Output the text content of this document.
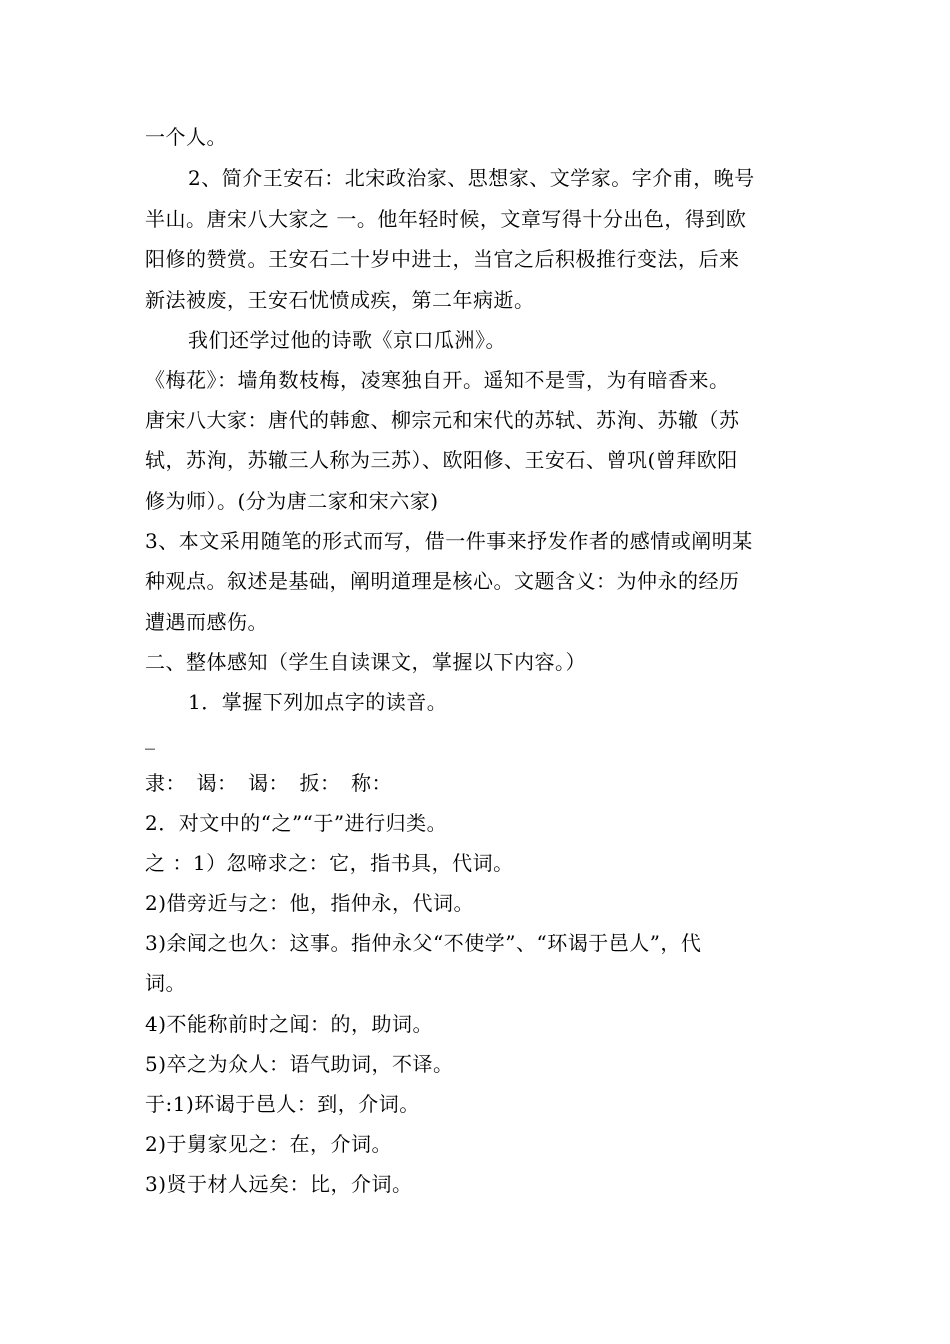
一个人。
2、简介王安石：北宋政治家、思想家、文学家。字介甫，晚号
半山。唐宋八大家之 一。他年轻时候，文章写得十分出色，得到欧
阳修的赞赏。王安石二十岁中进士，当官之后积极推行变法，后来
新法被废，王安石忧愤成疾，第二年病逝。
我们还学过他的诗歌《京口瓜洲》。
《梅花》：墙角数枝梅，凌寒独自开。遥知不是雪，为有暗香来。
唐宋八大家：唐代的韩愈、柳宗元和宋代的苏轼、苏洵、苏辙（苏
轼，苏洵，苏辙三人称为三苏）、欧阳修、王安石、曾巩(曾拜欧阳
修为师）。(分为唐二家和宋六家)
3、本文采用随笔的形式而写，借一件事来抒发作者的感情或阐明某
种观点。叙述是基础，阐明道理是核心。文题含义：为仲永的经历
遭遇而感伤。
二、整体感知（学生自读课文，掌握以下内容。）
1．掌握下列加点字的读音。
_
隶：　谒：　谒：　扳：　称：
2．对文中的“之”“于”进行归类。
之 ：1）忽啼求之：它，指书具，代词。
2)借旁近与之：他，指仲永，代词。
3)余闻之也久：这事。指仲永父“不使学”、“环谒于邑人”，代
词。
4)不能称前时之闻：的，助词。
5)卒之为众人：语气助词，不译。
于:1)环谒于邑人：到，介词。
2)于舅家见之：在，介词。
3)贤于材人远矣：比，介词。
